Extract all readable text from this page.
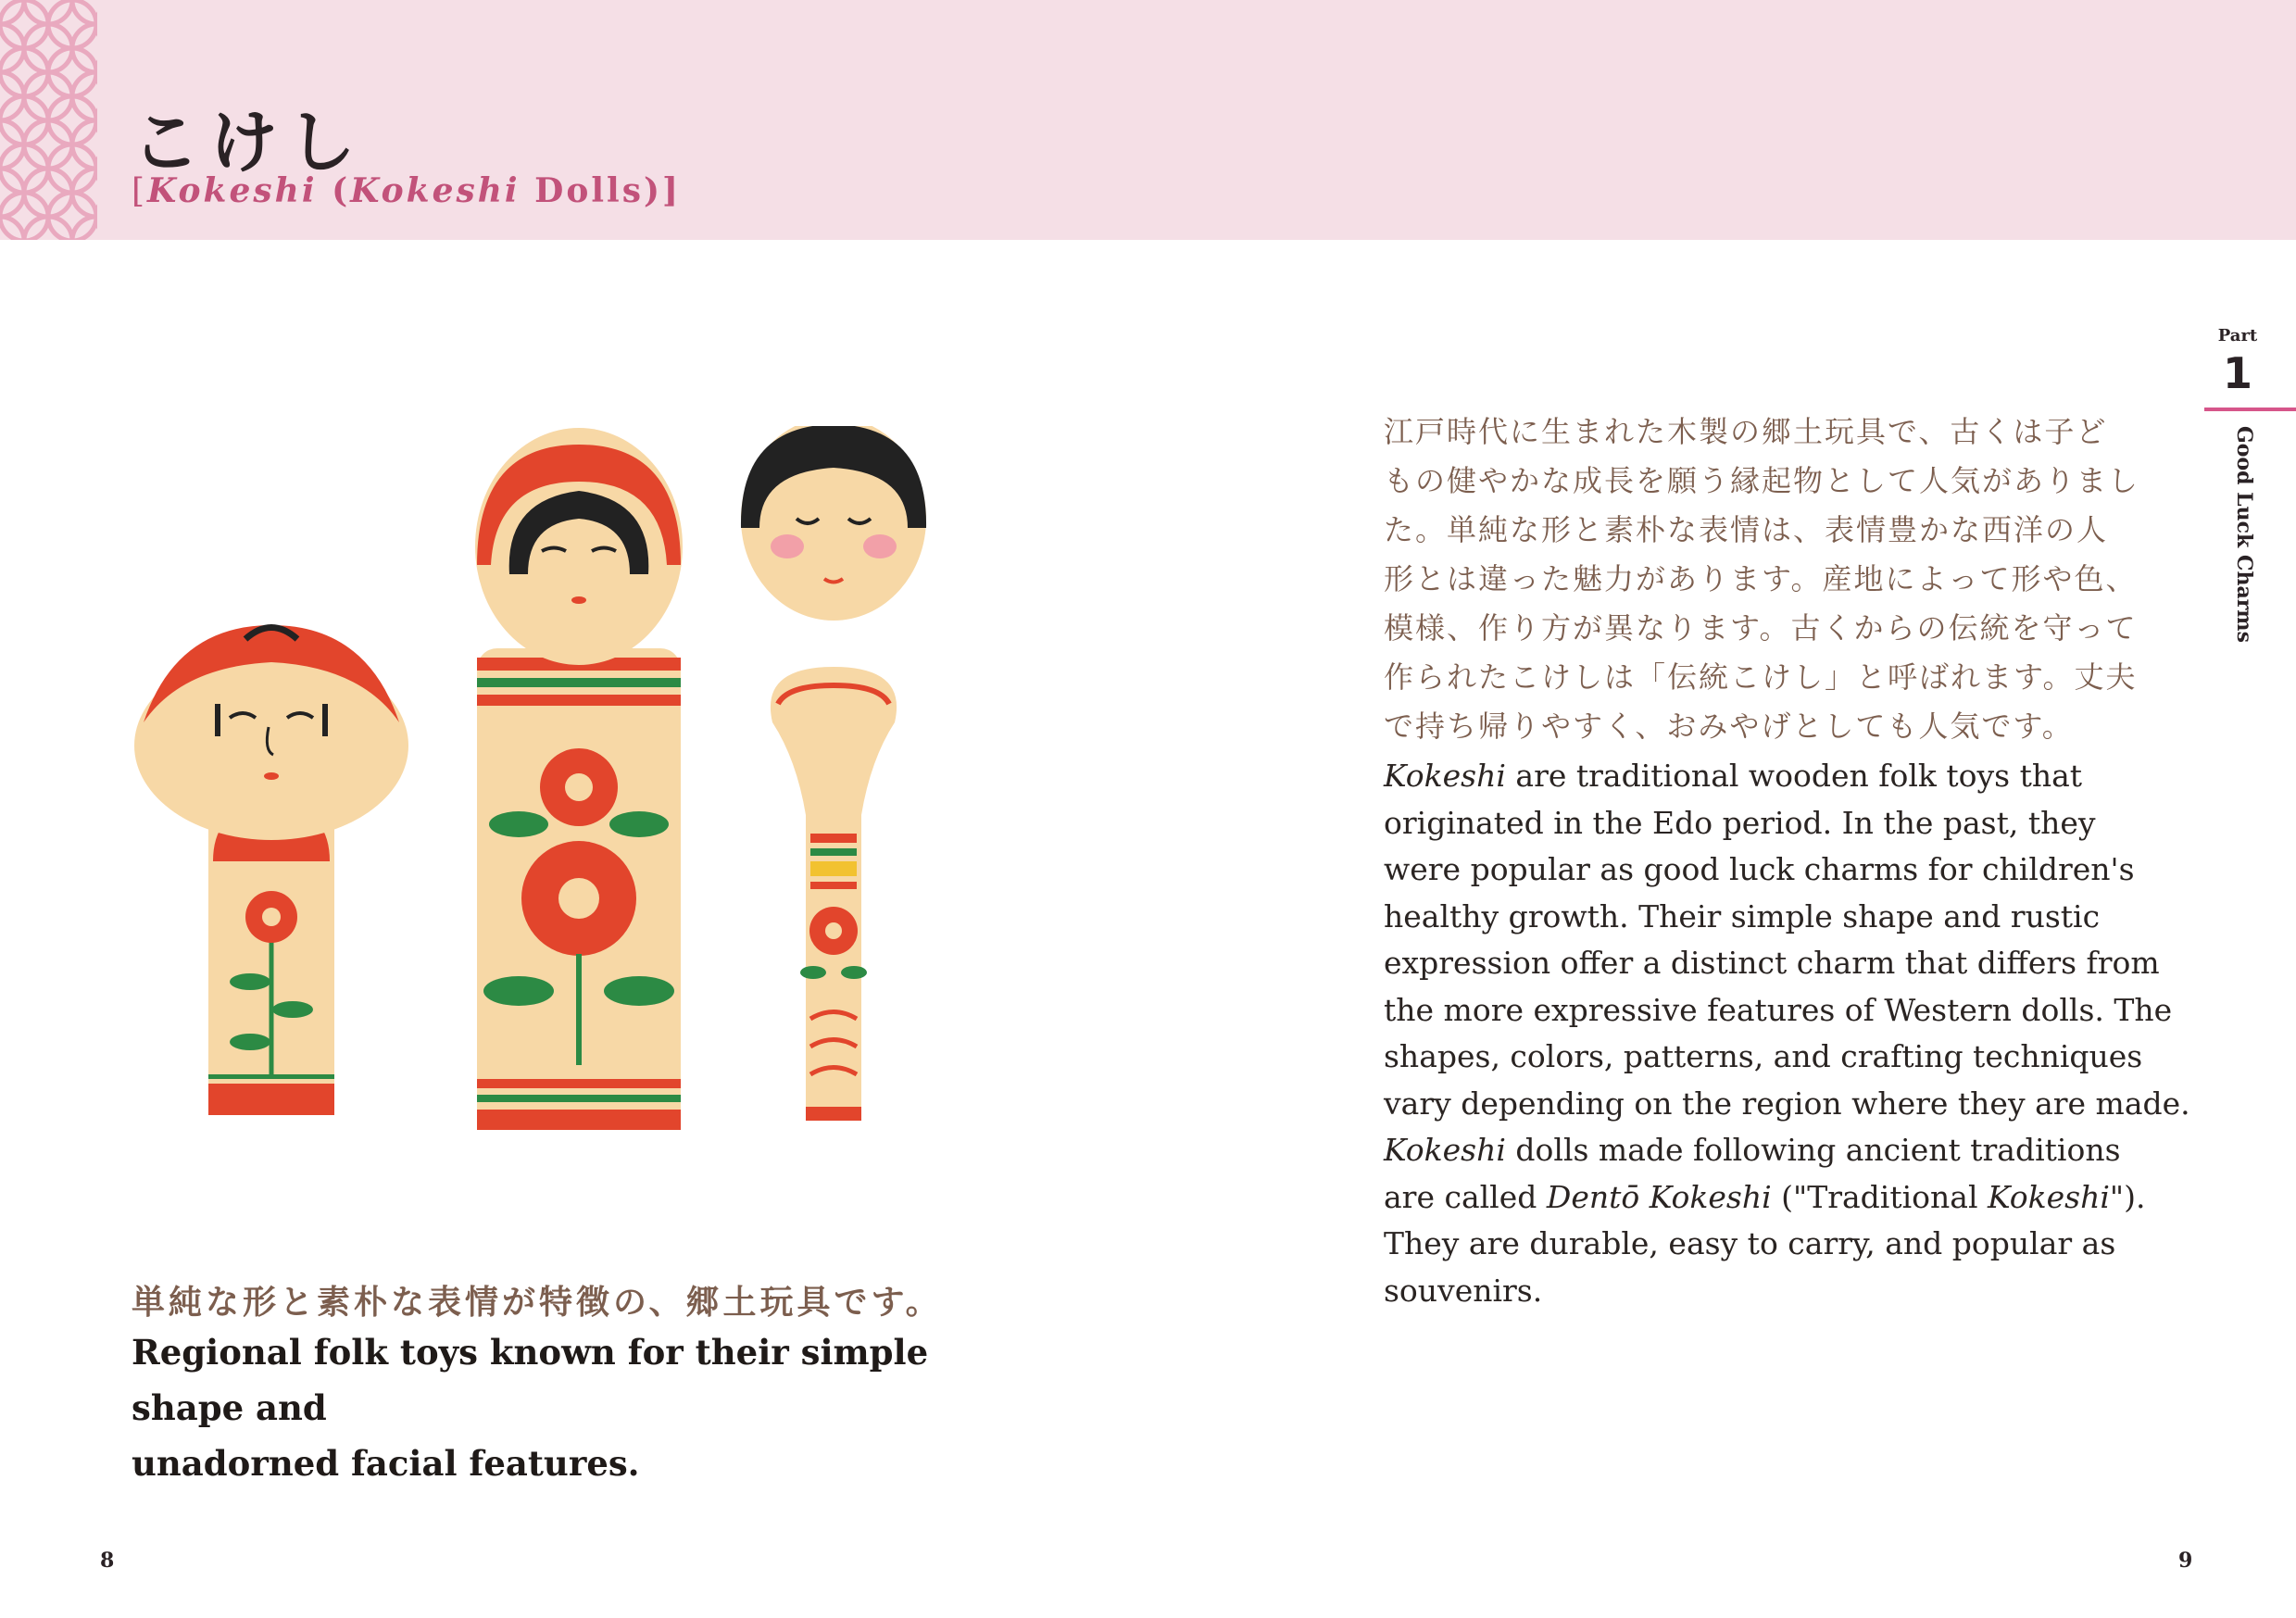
こけし
[Kokeshi (Kokeshi Dolls)]
単純な形と素朴な表情が特徴の、郷土玩具です。
Regional folk toys known for their simple shape and
unadorned facial features.
江戸時代に生まれた木製の郷土玩具で、古くは子ど
もの健やかな成長を願う縁起物として人気がありまし
た。単純な形と素朴な表情は、表情豊かな西洋の人
形とは違った魅力があります。産地によって形や色、
模様、作り方が異なります。古くからの伝統を守って
作られたこけしは「伝統こけし」と呼ばれます。丈夫
で持ち帰りやすく、おみやげとしても人気です。
Kokeshi are traditional wooden folk toys that
originated in the Edo period. In the past, they
were popular as good luck charms for children's
healthy growth. Their simple shape and rustic
expression offer a distinct charm that differs from
the more expressive features of Western dolls. The
shapes, colors, patterns, and crafting techniques
vary depending on the region where they are made.
Kokeshi dolls made following ancient traditions
are called Dentō Kokeshi ("Traditional Kokeshi").
They are durable, easy to carry, and popular as
souvenirs.
Part
1
Good Luck Charms
8	9
